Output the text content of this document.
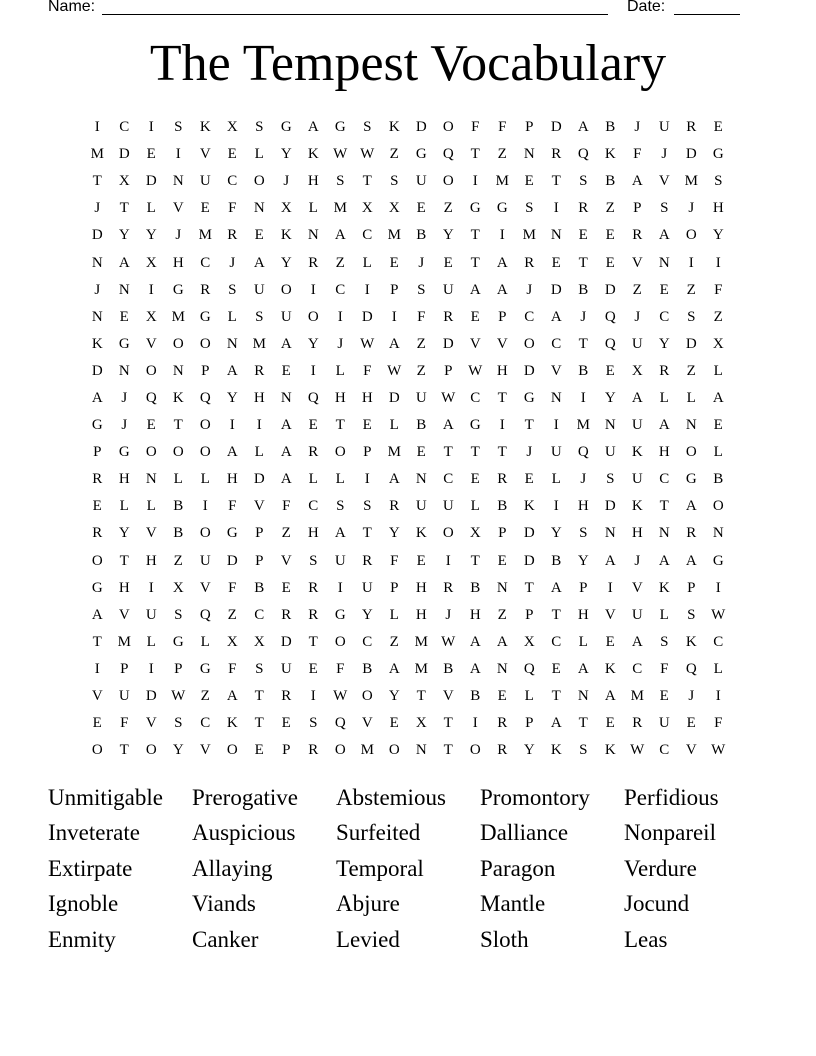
Name:	Date:
The Tempest Vocabulary
I	C	I	S	K	X	S	G	A	G	S	K	D	O	F	F	P	D	A	B	J	U	R	E
M D	E	I	V	E	L	Y	K W W Z	G	Q	T	Z	N	R	Q	K	F	J	D	G
T	X	D	N	U	C	O	J	H	S	T	S	U	O	I	M	E	T	S	B	A	V M	S
J	T	L	V	E	F	N	X	L	M X	X	E	Z	G	G	S	I	R	Z	P	S	J	H
D	Y	Y	J	M R	E	K	N	A	C M B	Y	T	I	M N	E	E	R	A	O	Y
N	A	X	H	C	J	A	Y	R	Z	L	E	J	E	T	A	R	E	T	E	V	N	I	I
J	N	I	G	R	S	U	O	I	C	I	P	S	U	A	A	J	D	B	D	Z	E	Z	F
N	E	X M G	L	S	U	O	I	D	I	F	R	E	P	C	A	J	Q	J	C	S	Z
K	G	V	O	O	N M A	Y	J	W A	Z	D	V	V	O	C	T	Q	U	Y	D	X
D	N	O	N	P	A	R	E	I	L	F	W Z	P	W H	D	V	B	E	X	R	Z	L
A	J	Q	K	Q	Y	H	N	Q	H	H	D	U W C	T	G	N	I	Y	A	L	L	A
G	J	E	T	O	I	I	A	E	T	E	L	B	A	G	I	T	I	M N	U	A	N	E
P	G	O	O	O	A	L	A	R	O	P	M	E	T	T	T	J	U	Q	U	K	H	O	L
R	H	N	L	L	H	D	A	L	L	I	A	N	C	E	R	E	L	J	S	U	C	G	B
E	L	L	B	I	F	V	F	C	S	S	R	U	U	L	B	K	I	H	D	K	T	A	O
R	Y	V	B	O	G	P	Z	H	A	T	Y	K	O	X	P	D	Y	S	N	H	N	R	N
O	T	H	Z	U	D	P	V	S	U	R	F	E	I	T	E	D	B	Y	A	J	A	A	G
G	H	I	X	V	F	B	E	R	I	U	P	H	R	B	N	T	A	P	I	V	K	P	I
A	V	U	S	Q	Z	C	R	R	G	Y	L	H	J	H	Z	P	T	H	V	U	L	S	W
T	M	L	G	L	X	X	D	T	O	C	Z	M W A	A	X	C	L	E	A	S	K	C
I	P	I	P	G	F	S	U	E	F	B	A M B	A	N	Q	E	A	K	C	F	Q	L
V	U	D W Z	A	T	R	I	W O	Y	T	V	B	E	L	T	N	A M	E	J	I
E	F	V	S	C	K	T	E	S	Q	V	E	X	T	I	R	P	A	T	E	R	U	E	F
O	T	O	Y	V	O	E	P	R	O M O	N	T	O	R	Y	K	S	K W C	V W
Unmitigable	Prerogative	Abstemious	Promontory	Perfidious
Inveterate	Auspicious	Surfeited	Dalliance	Nonpareil
Extirpate	Allaying	Temporal	Paragon	Verdure
Ignoble	Viands	Abjure	Mantle	Jocund
Enmity	Canker	Levied	Sloth	Leas
